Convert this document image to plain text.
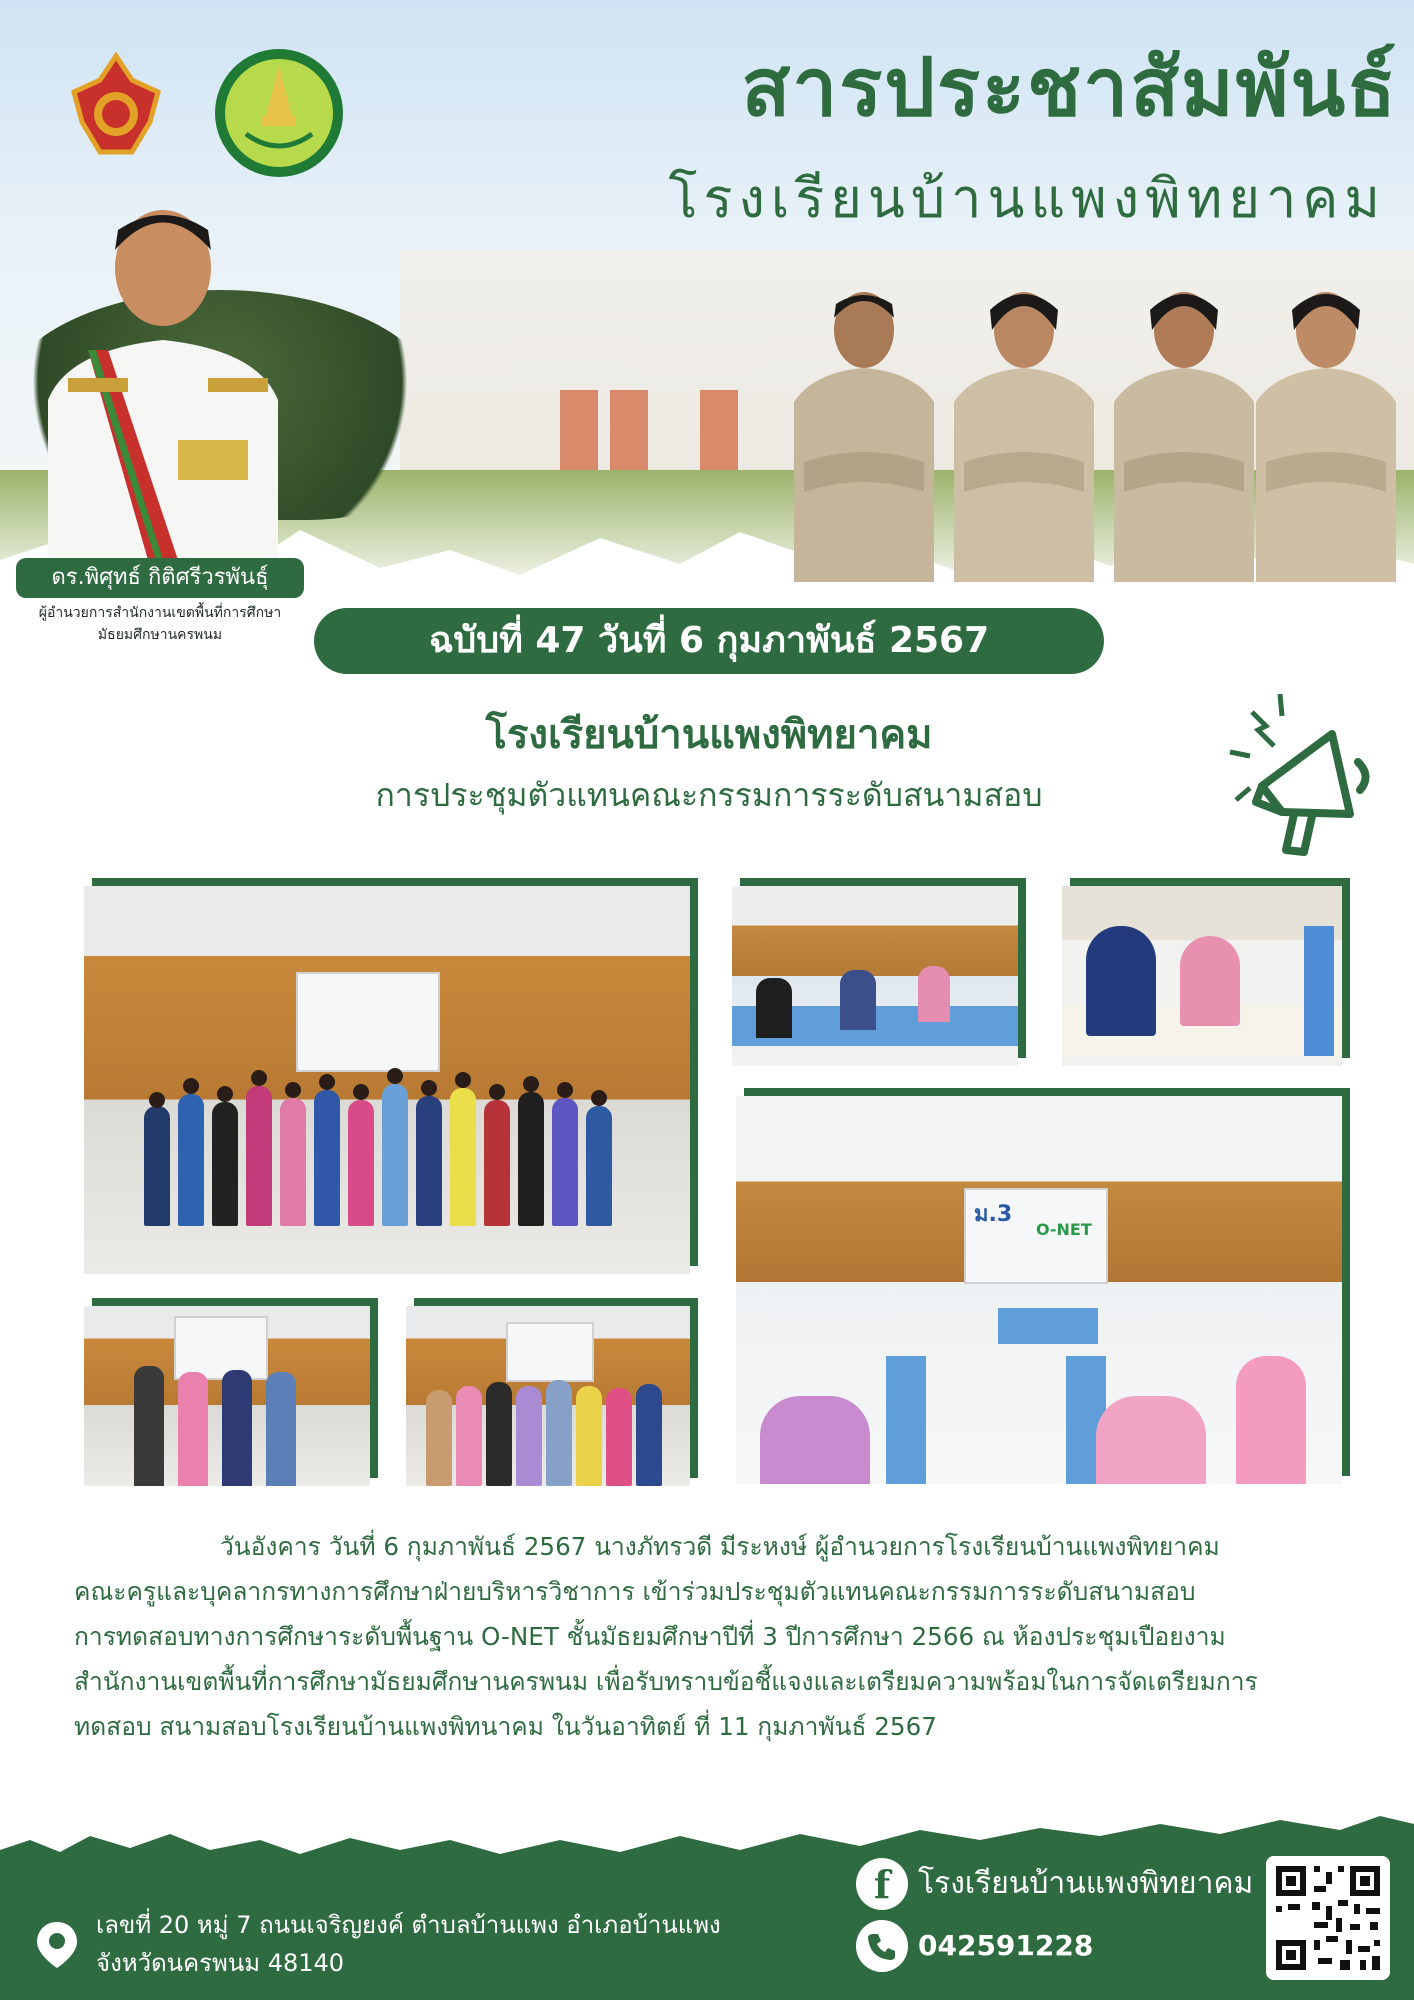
สารประชาสัมพันธ์
โรงเรียนบ้านแพงพิทยาคม
ดร.พิศุทธ์ กิติศรีวรพันธุ์
ผู้อำนวยการสำนักงานเขตพื้นที่การศึกษา
มัธยมศึกษานครพนม	ฉบับที่ 47 วันที่ 6 กุมภาพันธ์ 2567
โรงเรียนบ้านแพงพิทยาคม
การประชุมตัวแทนคณะกรรมการระดับสนามสอบ
ม.3
O-NET
วันอังคาร วันที่ 6 กุมภาพันธ์ 2567 นางภัทรวดี มีระหงษ์ ผู้อำนวยการโรงเรียนบ้านแพงพิทยาคม
คณะครูและบุคลากรทางการศึกษาฝ่ายบริหารวิชาการ เข้าร่วมประชุมตัวแทนคณะกรรมการระดับสนามสอบ
การทดสอบทางการศึกษาระดับพื้นฐาน O-NET ชั้นมัธยมศึกษาปีที่ 3 ปีการศึกษา 2566 ณ ห้องประชุมเปือยงาม
สำนักงานเขตพื้นที่การศึกษามัธยมศึกษานครพนม เพื่อรับทราบข้อชี้แจงและเตรียมความพร้อมในการจัดเตรียมการ
ทดสอบ สนามสอบโรงเรียนบ้านแพงพิทนาคม ในวันอาทิตย์ ที่ 11 กุมภาพันธ์ 2567
เลขที่ 20 หมู่ 7 ถนนเจริญยงค์ ตำบลบ้านแพง อำเภอบ้านแพง
จังหวัดนครพนม 48140
f โรงเรียนบ้านแพงพิทยาคม
042591228
